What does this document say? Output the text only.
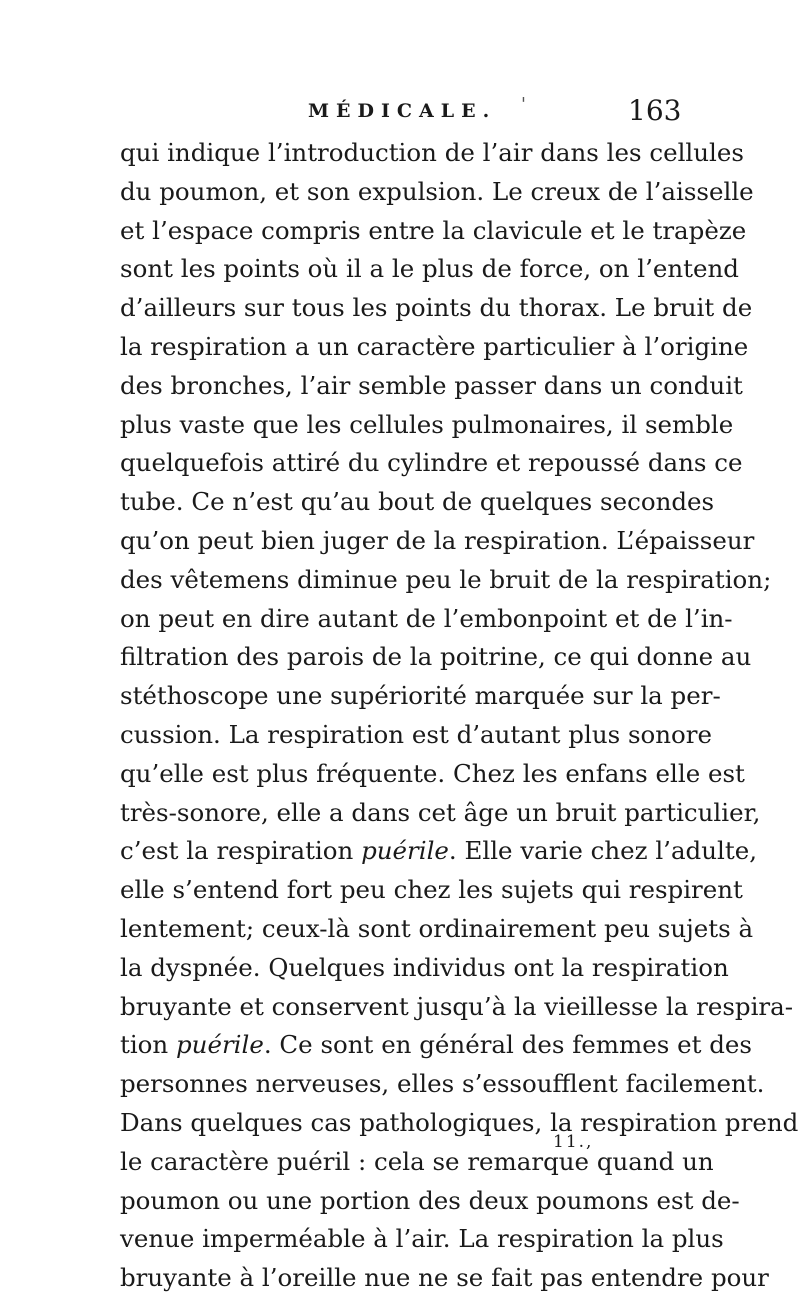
MÉDICALE. '	163
qui indique l’introduction de l’air dans les cellules
du poumon, et son expulsion. Le creux de l’aisselle
et l’espace compris entre la clavicule et le trapèze
sont les points où il a le plus de force, on l’entend
d’ailleurs sur tous les points du thorax. Le bruit de
la respiration a un caractère particulier à l’origine
des bronches, l’air semble passer dans un conduit
plus vaste que les cellules pulmonaires, il semble
quelquefois attiré du cylindre et repoussé dans ce
tube. Ce n’est qu’au bout de quelques secondes
qu’on peut bien juger de la respiration. L’épaisseur
des vêtemens diminue peu le bruit de la respiration;
on peut en dire autant de l’embonpoint et de l’in-
filtration des parois de la poitrine, ce qui donne au
stéthoscope une supériorité marquée sur la per-
cussion. La respiration est d’autant plus sonore
qu’elle est plus fréquente. Chez les enfans elle est
très-sonore, elle a dans cet âge un bruit particulier,
c’est la respiration puérile. Elle varie chez l’adulte,
elle s’entend fort peu chez les sujets qui respirent
lentement; ceux-là sont ordinairement peu sujets à
la dyspnée. Quelques individus ont la respiration
bruyante et conservent jusqu’à la vieillesse la respira-
tion puérile. Ce sont en général des femmes et des
personnes nerveuses, elles s’essoufflent facilement.
Dans quelques cas pathologiques, la respiration prend
le caractère puéril : cela se remarque quand un
poumon ou une portion des deux poumons est de-
venue imperméable à l’air. La respiration la plus
bruyante à l’oreille nue ne se fait pas entendre pour
11.,
